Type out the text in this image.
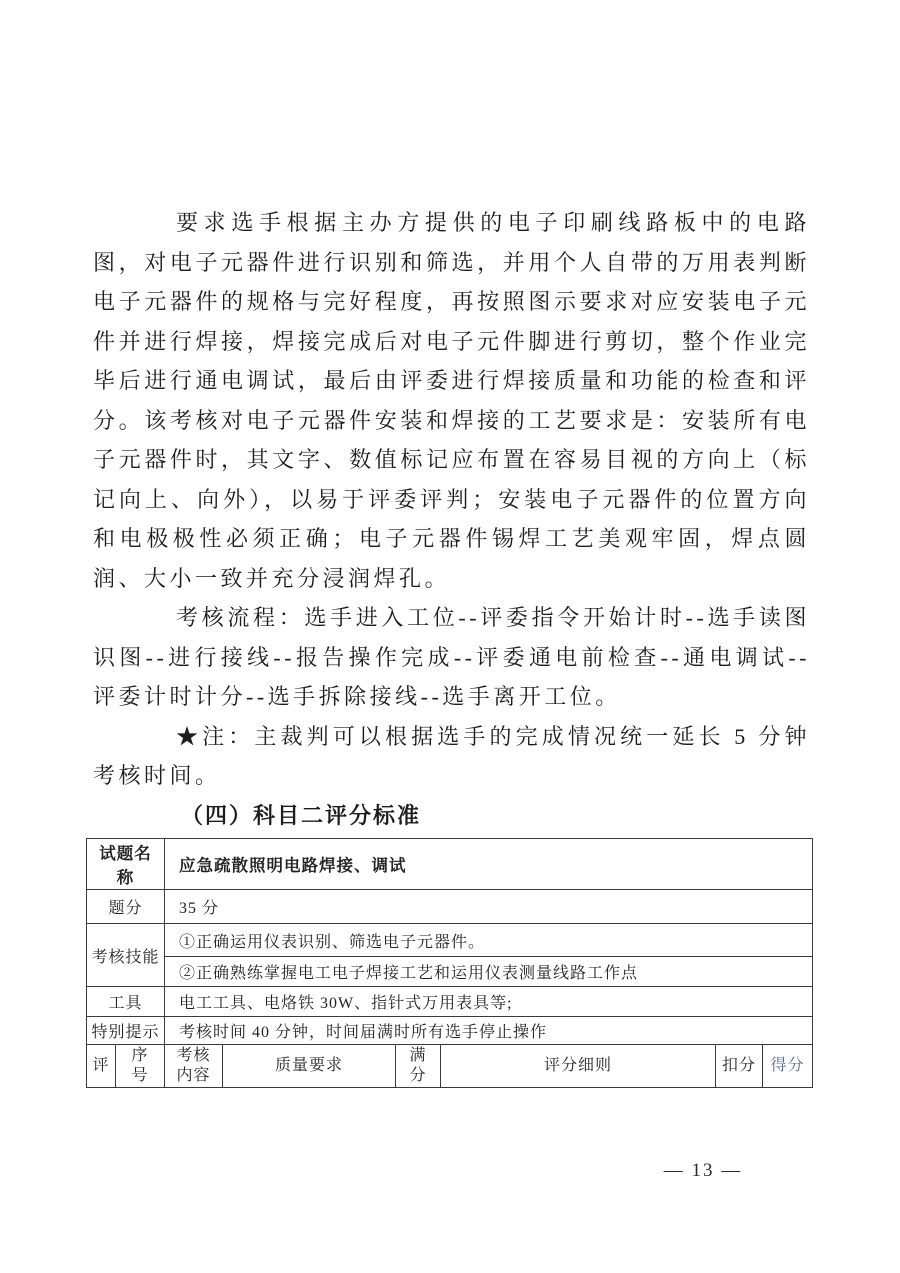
要求选手根据主办方提供的电子印刷线路板中的电路图，对电子元器件进行识别和筛选，并用个人自带的万用表判断电子元器件的规格与完好程度，再按照图示要求对应安装电子元件并进行焊接，焊接完成后对电子元件脚进行剪切，整个作业完毕后进行通电调试，最后由评委进行焊接质量和功能的检查和评分。该考核对电子元器件安装和焊接的工艺要求是：安装所有电子元器件时，其文字、数值标记应布置在容易目视的方向上（标记向上、向外），以易于评委评判；安装电子元器件的位置方向和电极极性必须正确；电子元器件锡焊工艺美观牢固，焊点圆润、大小一致并充分浸润焊孔。

考核流程：选手进入工位--评委指令开始计时--选手读图识图--进行接线--报告操作完成--评委通电前检查--通电调试--评委计时计分--选手拆除接线--选手离开工位。

★注：主裁判可以根据选手的完成情况统一延长 5 分钟考核时间。

（四）科目二评分标准
试题名称		应急疏散照明电路焊接、调试					
题分		35 分					
考核技能		①正确运用仪表识别、筛选电子元器件。					
		②正确熟练掌握电工电子焊接工艺和运用仪表测量线路工作点					
工具		电工工具、电烙铁 30W、指针式万用表具等;					
特别提示		考核时间 40 分钟，时间届满时所有选手停止操作					
评	序号	考核内容	质量要求	满分	评分细则	扣分	得分
— 13 —
